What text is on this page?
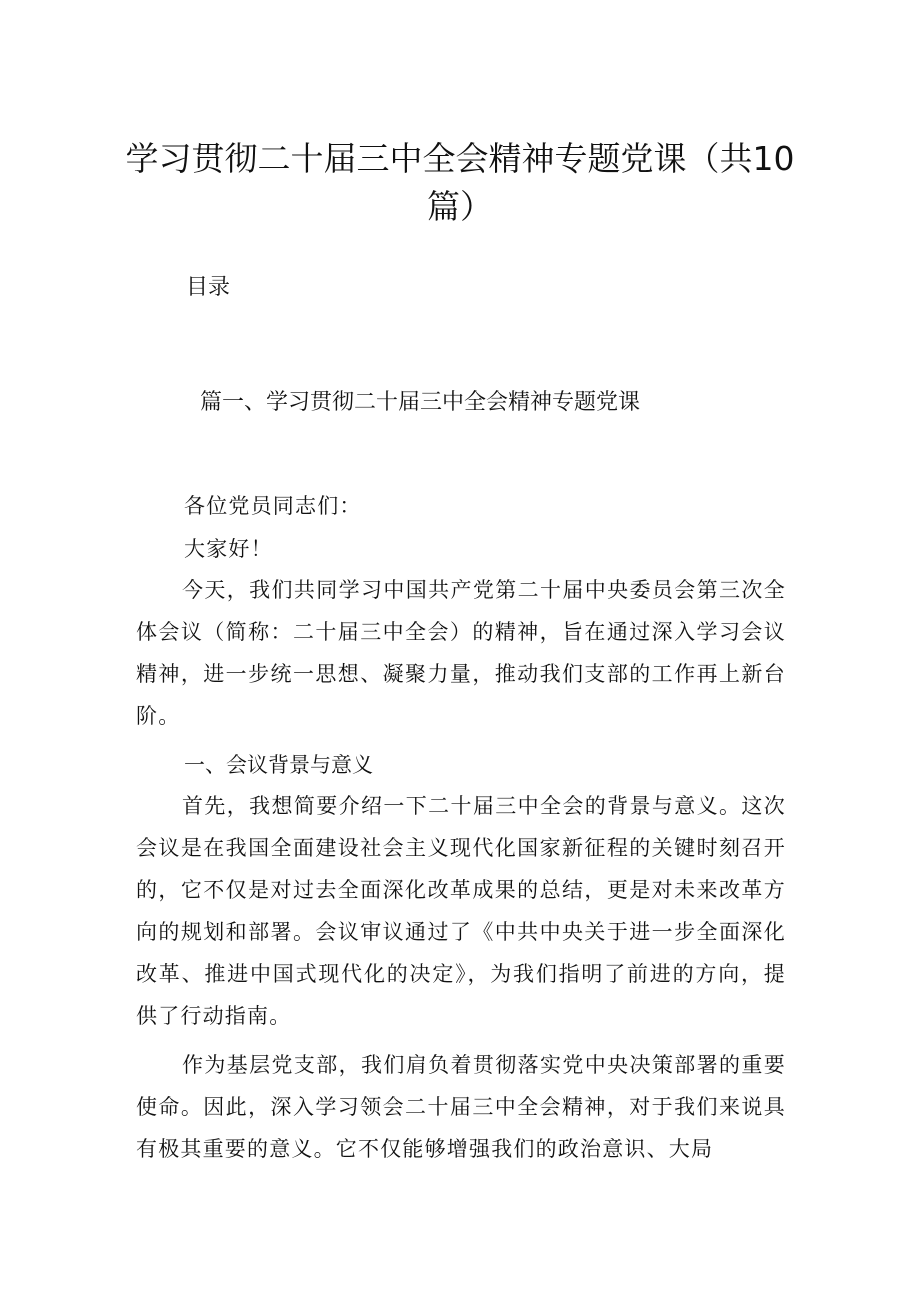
学习贯彻二十届三中全会精神专题党课（共10篇）

目录

篇一、学习贯彻二十届三中全会精神专题党课

各位党员同志们：

大家好！

今天，我们共同学习中国共产党第二十届中央委员会第三次全体会议（简称：二十届三中全会）的精神，旨在通过深入学习会议精神，进一步统一思想、凝聚力量，推动我们支部的工作再上新台阶。

一、会议背景与意义

首先，我想简要介绍一下二十届三中全会的背景与意义。这次会议是在我国全面建设社会主义现代化国家新征程的关键时刻召开的，它不仅是对过去全面深化改革成果的总结，更是对未来改革方向的规划和部署。会议审议通过了《中共中央关于进一步全面深化改革、推进中国式现代化的决定》，为我们指明了前进的方向，提供了行动指南。

作为基层党支部，我们肩负着贯彻落实党中央决策部署的重要使命。因此，深入学习领会二十届三中全会精神，对于我们来说具有极其重要的意义。它不仅能够增强我们的政治意识、大局
